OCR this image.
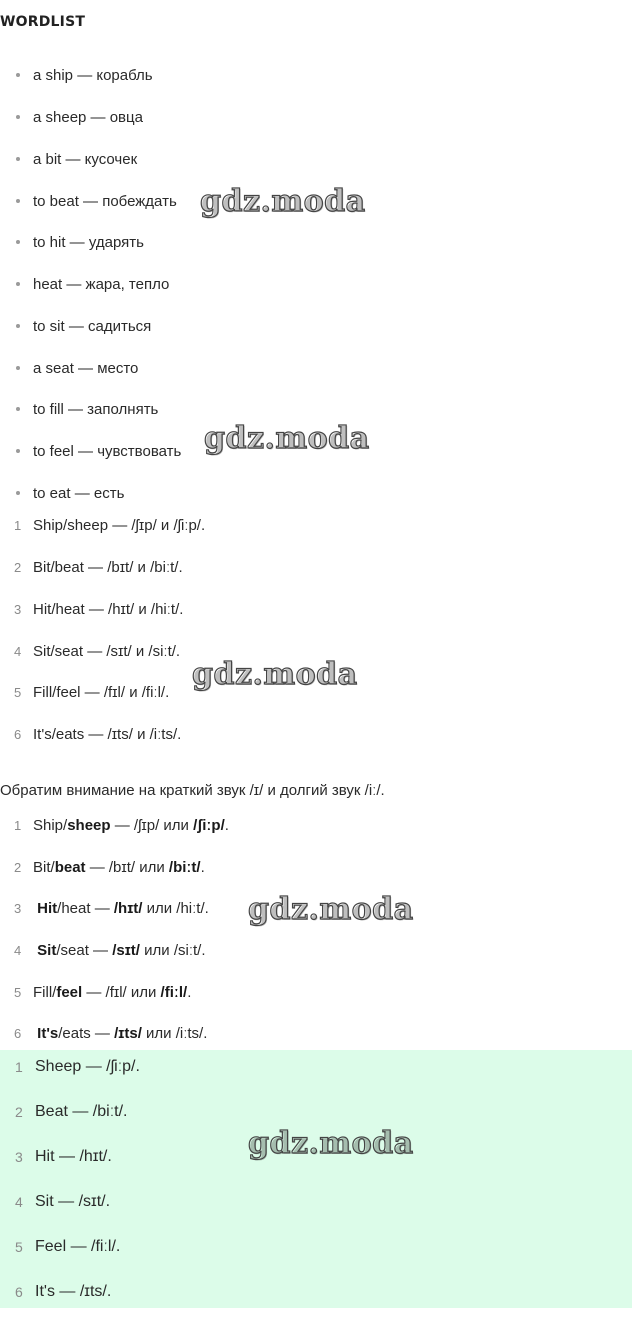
WORDLIST
a ship — корабль
a sheep — овца
a bit — кусочек
to beat — побеждать
to hit — ударять
heat — жара, тепло
to sit — садиться
a seat — место
to fill — заполнять
to feel — чувствовать
to eat — есть
1 Ship/sheep — /ʃɪp/ и /ʃiːp/.
2 Bit/beat — /bɪt/ и /biːt/.
3 Hit/heat — /hɪt/ и /hiːt/.
4 Sit/seat — /sɪt/ и /siːt/.
5 Fill/feel — /fɪl/ и /fiːl/.
6 It's/eats — /ɪts/ и /iːts/.
Обратим внимание на краткий звук /ɪ/ и долгий звук /iː/.
1 Ship/sheep — /ʃɪp/ или /ʃiːp/.
2 Bit/beat — /bɪt/ или /biːt/.
3	Hit/heat — /hɪt/ или /hiːt/.
4	Sit/seat — /sɪt/ или /siːt/.
5 Fill/feel — /fɪl/ или /fiːl/.
6	It's/eats — /ɪts/ или /iːts/.
1 Sheep — /ʃiːp/.
2 Beat — /biːt/.
3 Hit — /hɪt/.
4 Sit — /sɪt/.
5 Feel — /fiːl/.
6 It's — /ɪts/.
gdz.moda
gdz.moda
gdz.moda
gdz.moda
gdz.moda
